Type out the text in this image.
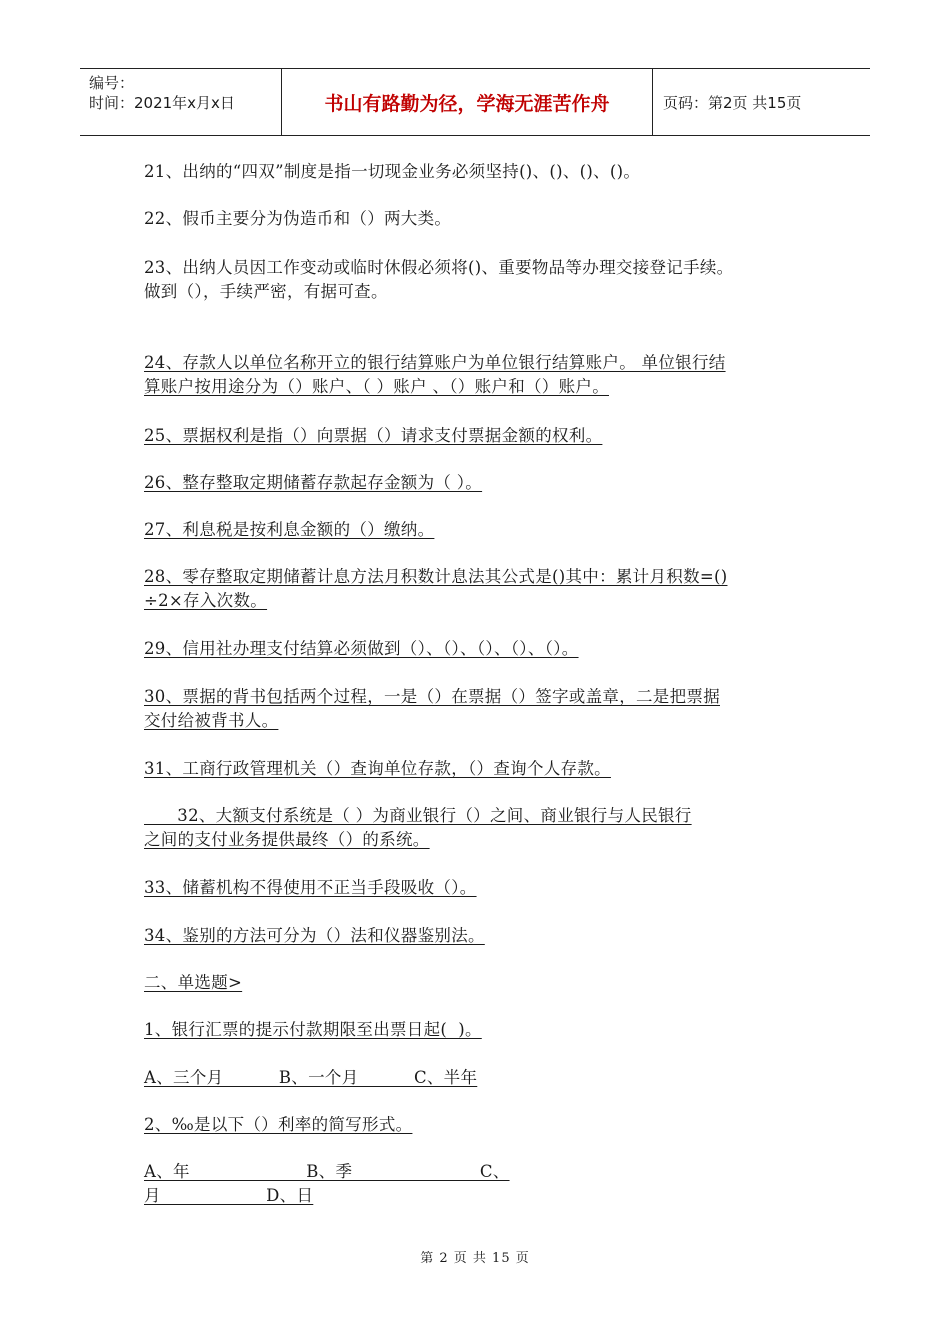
编号：
时间：2021年x月x日	书山有路勤为径，学海无涯苦作舟	页码：第2页 共15页
21、出纳的“四双”制度是指一切现金业务必须坚持()、()、()、()。
22、假币主要分为伪造币和（）两大类。
23、出纳人员因工作变动或临时休假必须将()、重要物品等办理交接登记手续。
做到（），手续严密，有据可查。
24、存款人以单位名称开立的银行结算账户为单位银行结算账户。 单位银行结
算账户按用途分为（）账户、（ ）账户 、（）账户和（）账户。
25、票据权利是指（）向票据（）请求支付票据金额的权利。
26、整存整取定期储蓄存款起存金额为（ ）。
27、利息税是按利息金额的（）缴纳。
28、零存整取定期储蓄计息方法月积数计息法其公式是()其中：累计月积数=()
÷2×存入次数。
29、信用社办理支付结算必须做到（）、（）、（）、（）、（）。
30、票据的背书包括两个过程，一是（）在票据（）签字或盖章，二是把票据
交付给被背书人。
31、工商行政管理机关（）查询单位存款，（）查询个人存款。
32、大额支付系统是（ ）为商业银行（）之间、商业银行与人民银行
之间的支付业务提供最终（）的系统。
33、储蓄机构不得使用不正当手段吸收（）。
34、鉴别的方法可分为（）法和仪器鉴别法。
二、单选题>
1、银行汇票的提示付款期限至出票日起(  )。
A、三个月          B、一个月          C、半年
2、‰是以下（）利率的简写形式。
A、年                     B、季                       C、
月                   D、日
第 2 页 共 15 页
